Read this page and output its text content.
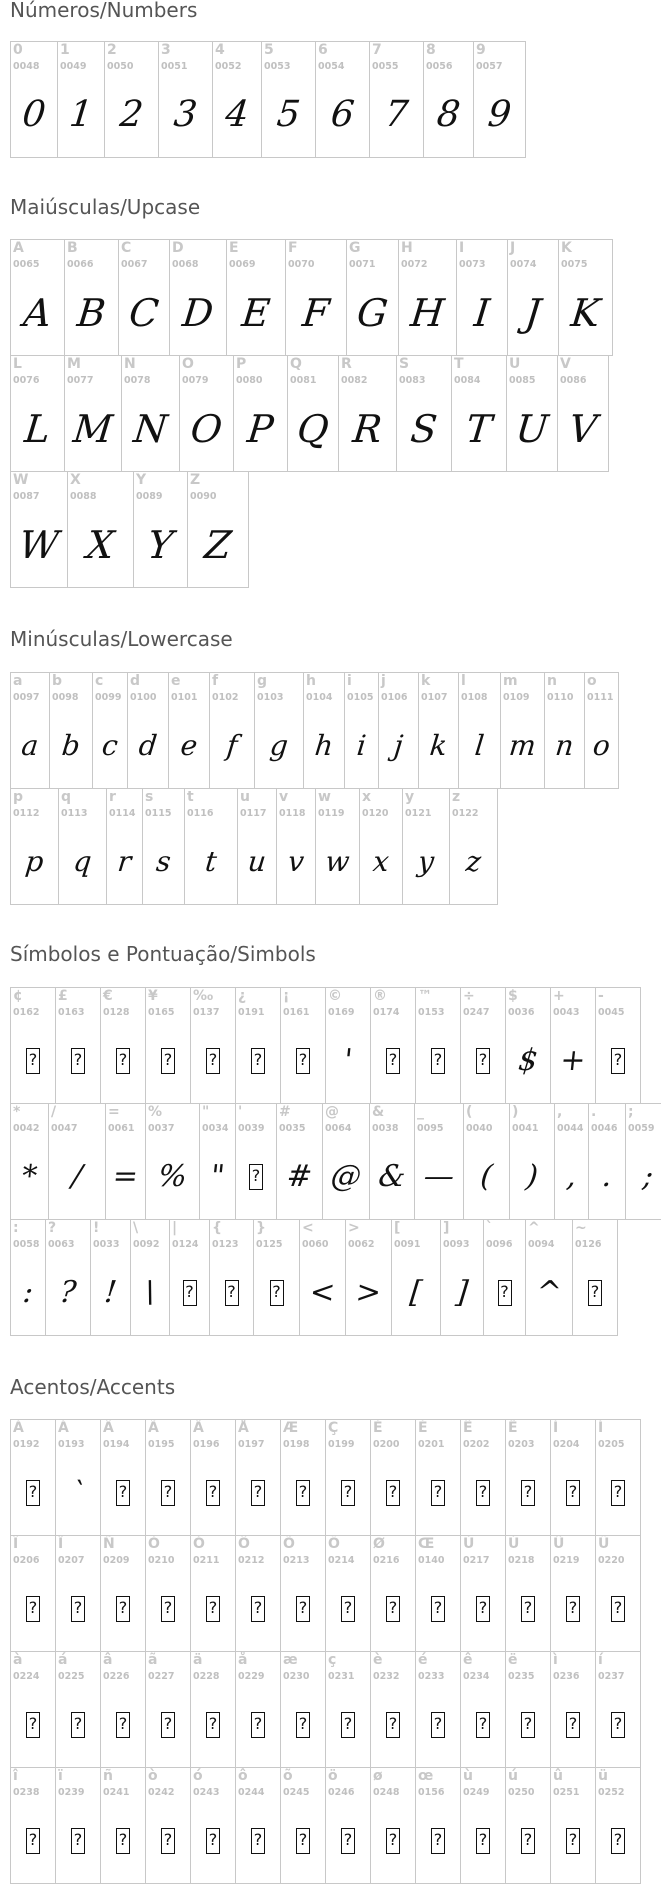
Números/Numbers
0
0048
0
1
0049
1
2
0050
2
3
0051
3
4
0052
4
5
0053
5
6
0054
6
7
0055
7
8
0056
8
9
0057
9
Maiúsculas/Upcase
A
0065
A
B
0066
B
C
0067
C
D
0068
D
E
0069
E
F
0070
F
G
0071
G
H
0072
H
I
0073
I
J
0074
J
K
0075
K
L
0076
L
M
0077
M
N
0078
N
O
0079
O
P
0080
P
Q
0081
Q
R
0082
R
S
0083
S
T
0084
T
U
0085
U
V
0086
V
W
0087
W
X
0088
X
Y
0089
Y
Z
0090
Z
Minúsculas/Lowercase
a
0097
a
b
0098
b
c
0099
c
d
0100
d
e
0101
e
f
0102
f
g
0103
g
h
0104
h
i
0105
i
j
0106
j
k
0107
k
l
0108
l
m
0109
m
n
0110
n
o
0111
o
p
0112
p
q
0113
q
r
0114
r
s
0115
s
t
0116
t
u
0117
u
v
0118
v
w
0119
w
x
0120
x
y
0121
y
z
0122
z
Símbolos e Pontuação/Simbols
¢
0162
?
£
0163
?
€
0128
?
¥
0165
?
‰
0137
?
¿
0191
?
¡
0161
?
©
0169
'
®
0174
?
™
0153
?
÷
0247
?
$
0036
$
+
0043
+
-
0045
?
*
0042
*
/
0047
/
=
0061
=
%
0037
%
"
0034
"
'
0039
?
#
0035
#
@
0064
@
&
0038
&
_
0095
—
(
0040
(
)
0041
)
,
0044
,
.
0046
.
;
0059
;
:
0058
:
?
0063
?
!
0033
!
\
0092
\
|
0124
?
{
0123
?
}
0125
?
<
0060
<
>
0062
>
[
0091
[
]
0093
]
`
0096
?
^
0094
^
~
0126
?
Acentos/Accents
À
0192
?
Á
0193
`
Â
0194
?
Ã
0195
?
Ä
0196
?
Å
0197
?
Æ
0198
?
Ç
0199
?
È
0200
?
É
0201
?
Ê
0202
?
Ë
0203
?
Ì
0204
?
Í
0205
?
Î
0206
?
Ï
0207
?
Ñ
0209
?
Ò
0210
?
Ó
0211
?
Ô
0212
?
Õ
0213
?
Ö
0214
?
Ø
0216
?
Œ
0140
?
Ù
0217
?
Ú
0218
?
Û
0219
?
Ü
0220
?
à
0224
?
á
0225
?
â
0226
?
ã
0227
?
ä
0228
?
å
0229
?
æ
0230
?
ç
0231
?
è
0232
?
é
0233
?
ê
0234
?
ë
0235
?
ì
0236
?
í
0237
?
î
0238
?
ï
0239
?
ñ
0241
?
ò
0242
?
ó
0243
?
ô
0244
?
õ
0245
?
ö
0246
?
ø
0248
?
œ
0156
?
ù
0249
?
ú
0250
?
û
0251
?
ü
0252
?
